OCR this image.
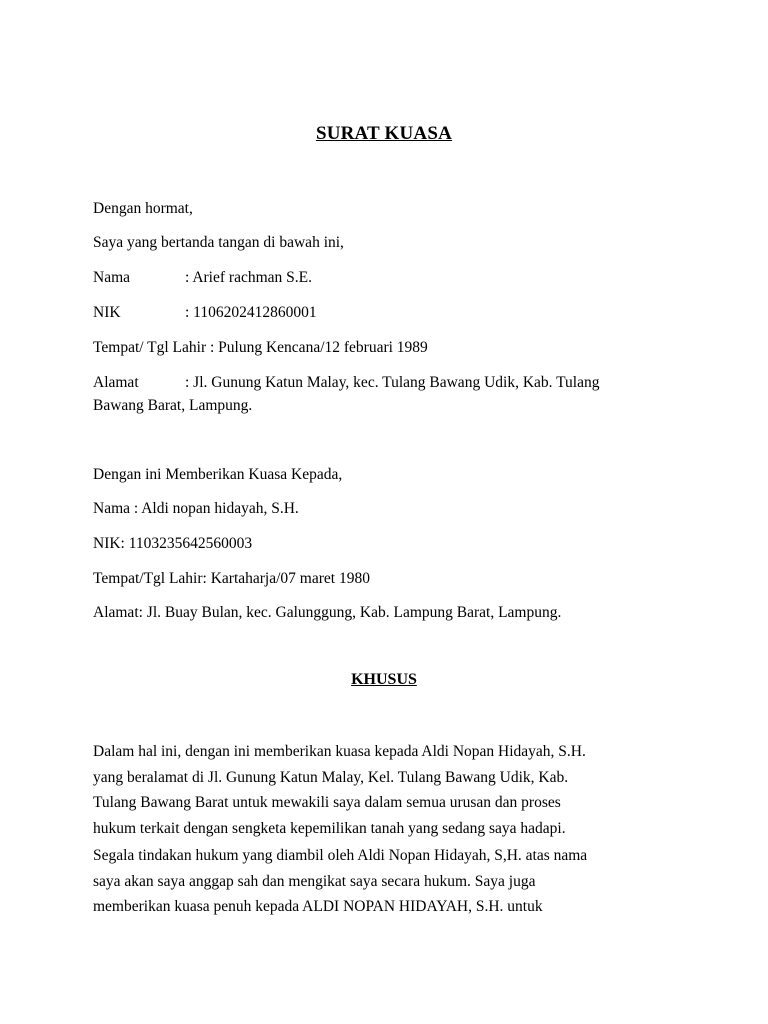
SURAT KUASA
Dengan hormat,
Saya yang bertanda tangan di bawah ini,
Nama	: Arief rachman S.E.
NIK	: 1106202412860001
Tempat/ Tgl Lahir : Pulung Kencana/12 februari 1989
Alamat	: Jl. Gunung Katun Malay, kec. Tulang Bawang Udik, Kab. Tulang
Bawang Barat, Lampung.
Dengan ini Memberikan Kuasa Kepada,
Nama : Aldi nopan hidayah, S.H.
NIK: 1103235642560003
Tempat/Tgl Lahir: Kartaharja/07 maret 1980
Alamat: Jl. Buay Bulan, kec. Galunggung, Kab. Lampung Barat, Lampung.
KHUSUS
Dalam hal ini, dengan ini memberikan kuasa kepada Aldi Nopan Hidayah, S.H.
yang beralamat di Jl. Gunung Katun Malay, Kel. Tulang Bawang Udik, Kab.
Tulang Bawang Barat untuk mewakili saya dalam semua urusan dan proses
hukum terkait dengan sengketa kepemilikan tanah yang sedang saya hadapi.
Segala tindakan hukum yang diambil oleh Aldi Nopan Hidayah, S,H. atas nama
saya akan saya anggap sah dan mengikat saya secara hukum. Saya juga
memberikan kuasa penuh kepada ALDI NOPAN HIDAYAH, S.H. untuk
